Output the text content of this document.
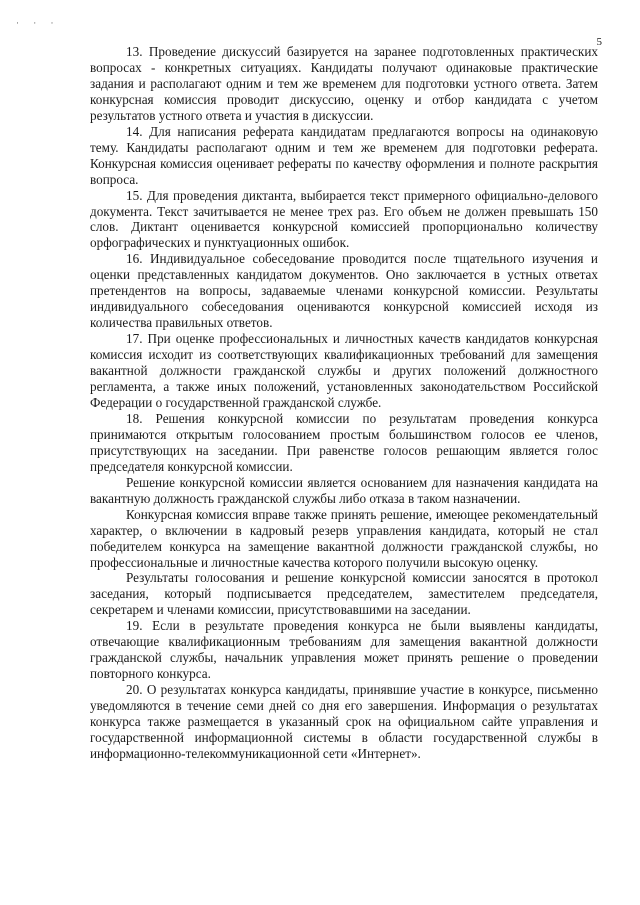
· · ·
5

13. Проведение дискуссий базируется на заранее подготовленных практических вопросах - конкретных ситуациях. Кандидаты получают одинаковые практические задания и располагают одним и тем же временем для подготовки устного ответа. Затем конкурсная комиссия проводит дискуссию, оценку и отбор кандидата с учетом результатов устного ответа и участия в дискуссии.

14. Для написания реферата кандидатам предлагаются вопросы на одинаковую тему. Кандидаты располагают одним и тем же временем для подготовки реферата. Конкурсная комиссия оценивает рефераты по качеству оформления и полноте раскрытия вопроса.

15. Для проведения диктанта, выбирается текст примерного официально-делового документа. Текст зачитывается не менее трех раз. Его объем не должен превышать 150 слов. Диктант оценивается конкурсной комиссией пропорционально количеству орфографических и пунктуационных ошибок.

16. Индивидуальное собеседование проводится после тщательного изучения и оценки представленных кандидатом документов. Оно заключается в устных ответах претендентов на вопросы, задаваемые членами конкурсной комиссии. Результаты индивидуального собеседования оцениваются конкурсной комиссией исходя из количества правильных ответов.

17. При оценке профессиональных и личностных качеств кандидатов конкурсная комиссия исходит из соответствующих квалификационных требований для замещения вакантной должности гражданской службы и других положений должностного регламента, а также иных положений, установленных законодательством Российской Федерации о государственной гражданской службе.

18. Решения конкурсной комиссии по результатам проведения конкурса принимаются открытым голосованием простым большинством голосов ее членов, присутствующих на заседании. При равенстве голосов решающим является голос председателя конкурсной комиссии.

Решение конкурсной комиссии является основанием для назначения кандидата на вакантную должность гражданской службы либо отказа в таком назначении.

Конкурсная комиссия вправе также принять решение, имеющее рекомендательный характер, о включении в кадровый резерв управления кандидата, который не стал победителем конкурса на замещение вакантной должности гражданской службы, но профессиональные и личностные качества которого получили высокую оценку.

Результаты голосования и решение конкурсной комиссии заносятся в протокол заседания, который подписывается председателем, заместителем председателя, секретарем и членами комиссии, присутствовавшими на заседании.

19. Если в результате проведения конкурса не были выявлены кандидаты, отвечающие квалификационным требованиям для замещения вакантной должности гражданской службы, начальник управления может принять решение о проведении повторного конкурса.

20. О результатах конкурса кандидаты, принявшие участие в конкурсе, письменно уведомляются в течение семи дней со дня его завершения. Информация о результатах конкурса также размещается в указанный срок на официальном сайте управления и государственной информационной системы в области государственной службы в информационно-телекоммуникационной сети «Интернет».
